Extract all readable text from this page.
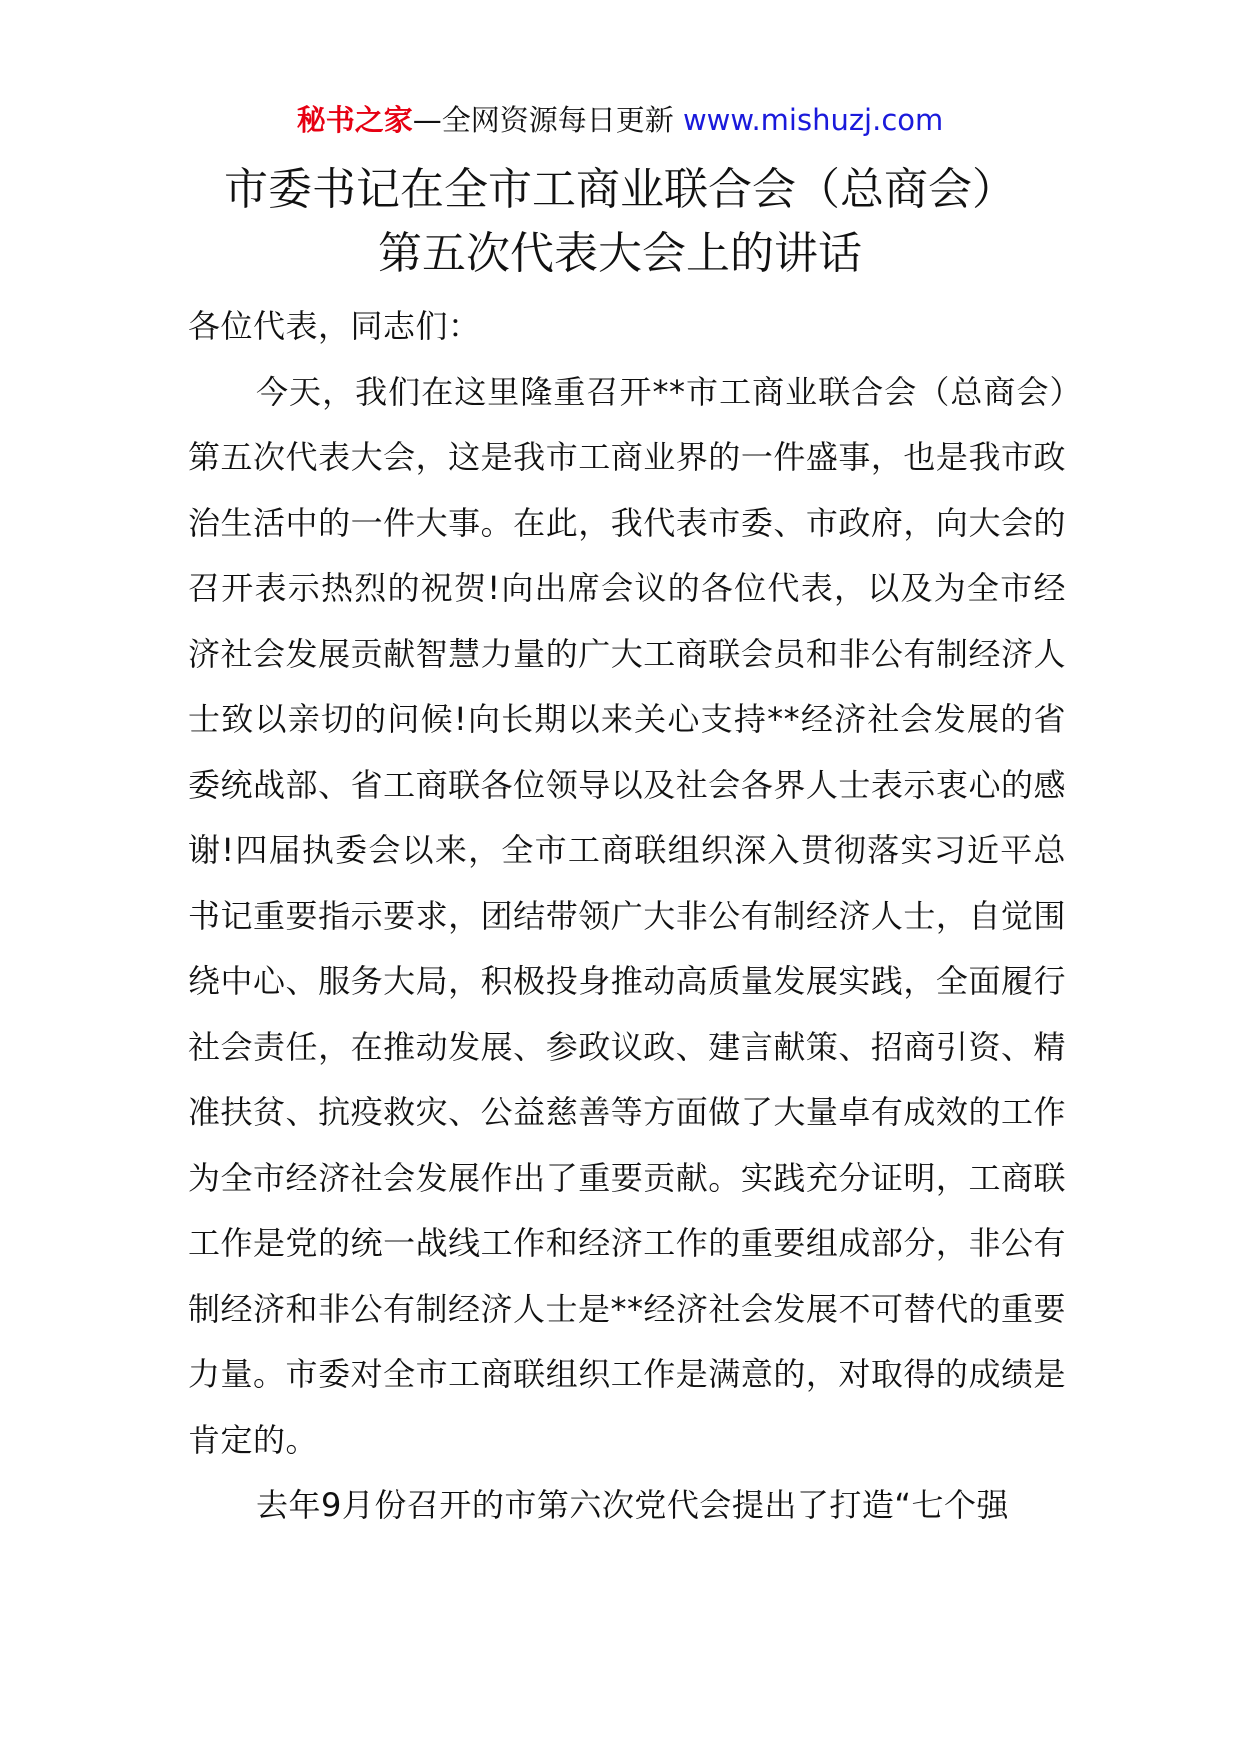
秘书之家—全网资源每日更新 www.mishuzj.com
市委书记在全市工商业联合会（总商会）
第五次代表大会上的讲话

各位代表，同志们：

今天，我们在这里隆重召开**市工商业联合会（总商会）第五次代表大会，这是我市工商业界的一件盛事，也是我市政治生活中的一件大事。在此，我代表市委、市政府，向大会的召开表示热烈的祝贺!向出席会议的各位代表，以及为全市经济社会发展贡献智慧力量的广大工商联会员和非公有制经济人士致以亲切的问候!向长期以来关心支持**经济社会发展的省委统战部、省工商联各位领导以及社会各界人士表示衷心的感谢!四届执委会以来，全市工商联组织深入贯彻落实习近平总书记重要指示要求，团结带领广大非公有制经济人士，自觉围绕中心、服务大局，积极投身推动高质量发展实践，全面履行社会责任，在推动发展、参政议政、建言献策、招商引资、精准扶贫、抗疫救灾、公益慈善等方面做了大量卓有成效的工作为全市经济社会发展作出了重要贡献。实践充分证明，工商联工作是党的统一战线工作和经济工作的重要组成部分，非公有制经济和非公有制经济人士是**经济社会发展不可替代的重要力量。市委对全市工商联组织工作是满意的，对取得的成绩是肯定的。

去年9月份召开的市第六次党代会提出了打造“七个强
